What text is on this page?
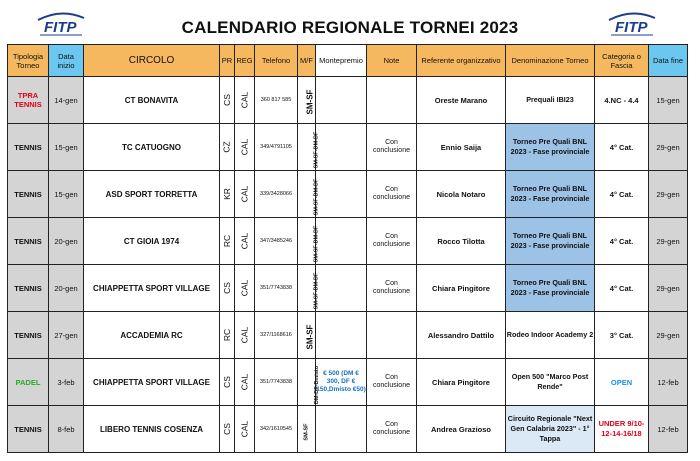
FITP	CALENDARIO REGIONALE TORNEI 2023	FITP
Tipologia Torneo	Data inizio	CIRCOLO	PR	REG	Telefono	M/F	Montepremio	Note	Referente organizzativo	Denominazione Torneo	Categoria o Fascia	Data fine
TPRA TENNIS	14-gen	CT BONAVITA	CS	CAL	360 817 585	SM-SF			Oreste Marano	Prequali IBI23	4.NC - 4.4	15-gen
TENNIS	15-gen	TC CATUOGNO	CZ	CAL	349/4791105	SM-SF-DM-DF		Con conclusione	Ennio Saija	Torneo Pre Quali BNL 2023 - Fase provinciale	4° Cat.	29-gen
TENNIS	15-gen	ASD SPORT TORRETTA	KR	CAL	339/3428066	SM-SF-DM-DF		Con conclusione	Nicola Notaro	Torneo Pre Quali BNL 2023 - Fase provinciale	4° Cat.	29-gen
TENNIS	20-gen	CT GIOIA 1974	RC	CAL	347/3485246	SM-SF-DM-DF		Con conclusione	Rocco Tilotta	Torneo Pre Quali BNL 2023 - Fase provinciale	4° Cat.	29-gen
TENNIS	20-gen	CHIAPPETTA SPORT VILLAGE	CS	CAL	351/7743838	SM-SF-DM-DF		Con conclusione	Chiara Pingitore	Torneo Pre Quali BNL 2023 - Fase provinciale	4° Cat.	29-gen
TENNIS	27-gen	ACCADEMIA RC	RC	CAL	327/1168616	SM-SF			Alessandro Dattilo	Rodeo Indoor Academy 2	3° Cat.	29-gen
PADEL	3-feb	CHIAPPETTA SPORT VILLAGE	CS	CAL	351/7743838	DM-DF-Dmisto	€ 500 (DM € 300, DF € 150,Dmisto €50)	Con conclusione	Chiara Pingitore	Open 500 "Marco Post Rende"	OPEN	12-feb
TENNIS	8-feb	LIBERO TENNIS COSENZA	CS	CAL	342/1610545	SM-SF		Con conclusione	Andrea Grazioso	Circuito Regionale "Next Gen Calabria 2023" - 1° Tappa	UNDER 9/10-12-14-16/18	12-feb
